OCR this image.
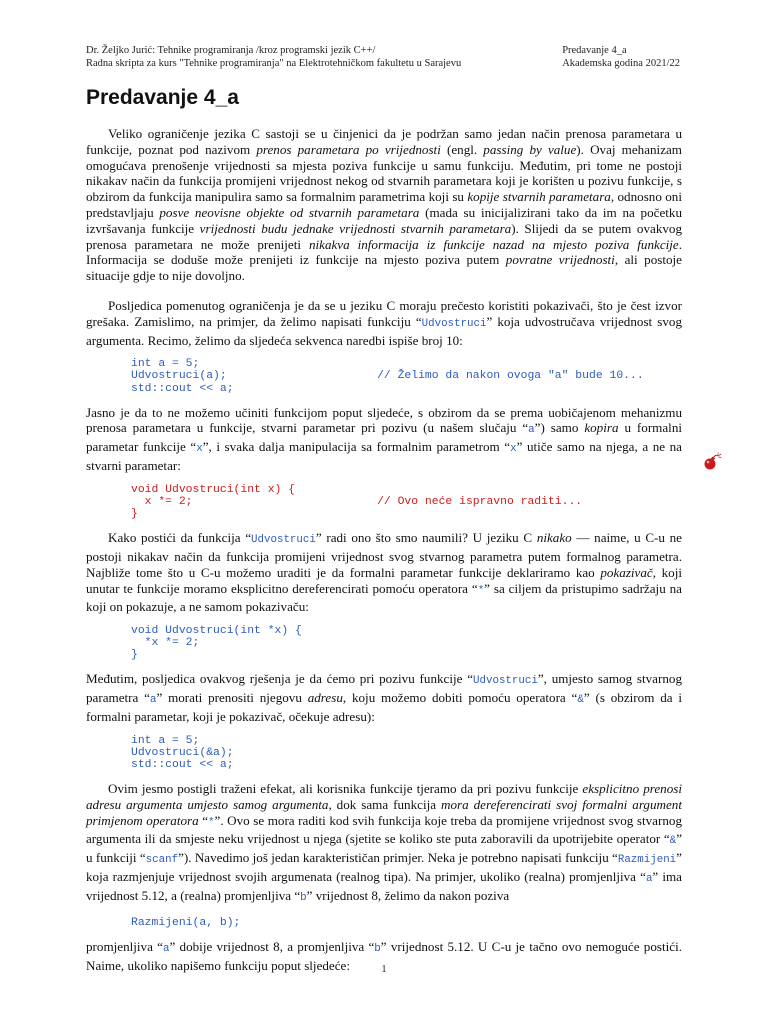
Dr. Željko Jurić: Tehnike programiranja /kroz programski jezik C++/
Radna skripta za kurs "Tehnike programiranja" na Elektrotehničkom fakultetu u Sarajevu
Predavanje 4_a
Akademska godina 2021/22
Predavanje 4_a

Veliko ograničenje jezika C sastoji se u činjenici da je podržan samo jedan način prenosa parametara u funkcije, poznat pod nazivom prenos parametara po vrijednosti (engl. passing by value). Ovaj mehanizam omogućava prenošenje vrijednosti sa mjesta poziva funkcije u samu funkciju. Međutim, pri tome ne postoji nikakav način da funkcija promijeni vrijednost nekog od stvarnih parametara koji je korišten u pozivu funkcije, s obzirom da funkcija manipulira samo sa formalnim parametrima koji su kopije stvarnih parametara, odnosno oni predstavljaju posve neovisne objekte od stvarnih parametara (mada su inicijalizirani tako da im na početku izvršavanja funkcije vrijednosti budu jednake vrijednosti stvarnih parametara). Slijedi da se putem ovakvog prenosa parametara ne može prenijeti nikakva informacija iz funkcije nazad na mjesto poziva funkcije. Informacija se doduše može prenijeti iz funkcije na mjesto poziva putem povratne vrijednosti, ali postoje situacije gdje to nije dovoljno.

Posljedica pomenutog ograničenja je da se u jeziku C moraju prečesto koristiti pokazivači, što je čest izvor grešaka. Zamislimo, na primjer, da želimo napisati funkciju “Udvostruci” koja udvostručava vrijednost svog argumenta. Recimo, želimo da sljedeća sekvenca naredbi ispiše broj 10:

int a = 5;
Udvostruci(a);                      // Želimo da nakon ovoga "a" bude 10...
std::cout << a;

Jasno je da to ne možemo učiniti funkcijom poput sljedeće, s obzirom da se prema uobičajenom mehanizmu prenosa parametara u funkcije, stvarni parametar pri pozivu (u našem slučaju “a”) samo kopira u formalni parametar funkcije “x”, i svaka dalja manipulacija sa formalnim parametrom “x” utiče samo na njega, a ne na stvarni parametar:

void Udvostruci(int x) {
x *= 2;                           // Ovo neće ispravno raditi...
}

Kako postići da funkcija “Udvostruci” radi ono što smo naumili? U jeziku C nikako — naime, u C-u ne postoji nikakav način da funkcija promijeni vrijednost svog stvarnog parametra putem formalnog parametra. Najbliže tome što u C-u možemo uraditi je da formalni parametar funkcije deklariramo kao pokazivač, koji unutar te funkcije moramo eksplicitno dereferencirati pomoću operatora “*” sa ciljem da pristupimo sadržaju na koji on pokazuje, a ne samom pokazivaču:

void Udvostruci(int *x) {
*x *= 2;
}

Međutim, posljedica ovakvog rješenja je da ćemo pri pozivu funkcije “Udvostruci”, umjesto samog stvarnog parametra “a” morati prenositi njegovu adresu, koju možemo dobiti pomoću operatora “&” (s obzirom da i formalni parametar, koji je pokazivač, očekuje adresu):

int a = 5;
Udvostruci(&a);
std::cout << a;

Ovim jesmo postigli traženi efekat, ali korisnika funkcije tjeramo da pri pozivu funkcije eksplicitno prenosi adresu argumenta umjesto samog argumenta, dok sama funkcija mora dereferencirati svoj formalni argument primjenom operatora “*”. Ovo se mora raditi kod svih funkcija koje treba da promijene vrijednost svog stvarnog argumenta ili da smjeste neku vrijednost u njega (sjetite se koliko ste puta zaboravili da upotrijebite operator “&” u funkciji “scanf”). Navedimo još jedan karakterističan primjer. Neka je potrebno napisati funkciju “Razmijeni” koja razmjenjuje vrijednost svojih argumenata (realnog tipa). Na primjer, ukoliko (realna) promjenljiva “a” ima vrijednost 5.12, a (realna) promjenljiva “b” vrijednost 8, želimo da nakon poziva

Razmijeni(a, b);

promjenljiva “a” dobije vrijednost 8, a promjenljiva “b” vrijednost 5.12. U C-u je tačno ovo nemoguće postići. Naime, ukoliko napišemo funkciju poput sljedeće:	1
